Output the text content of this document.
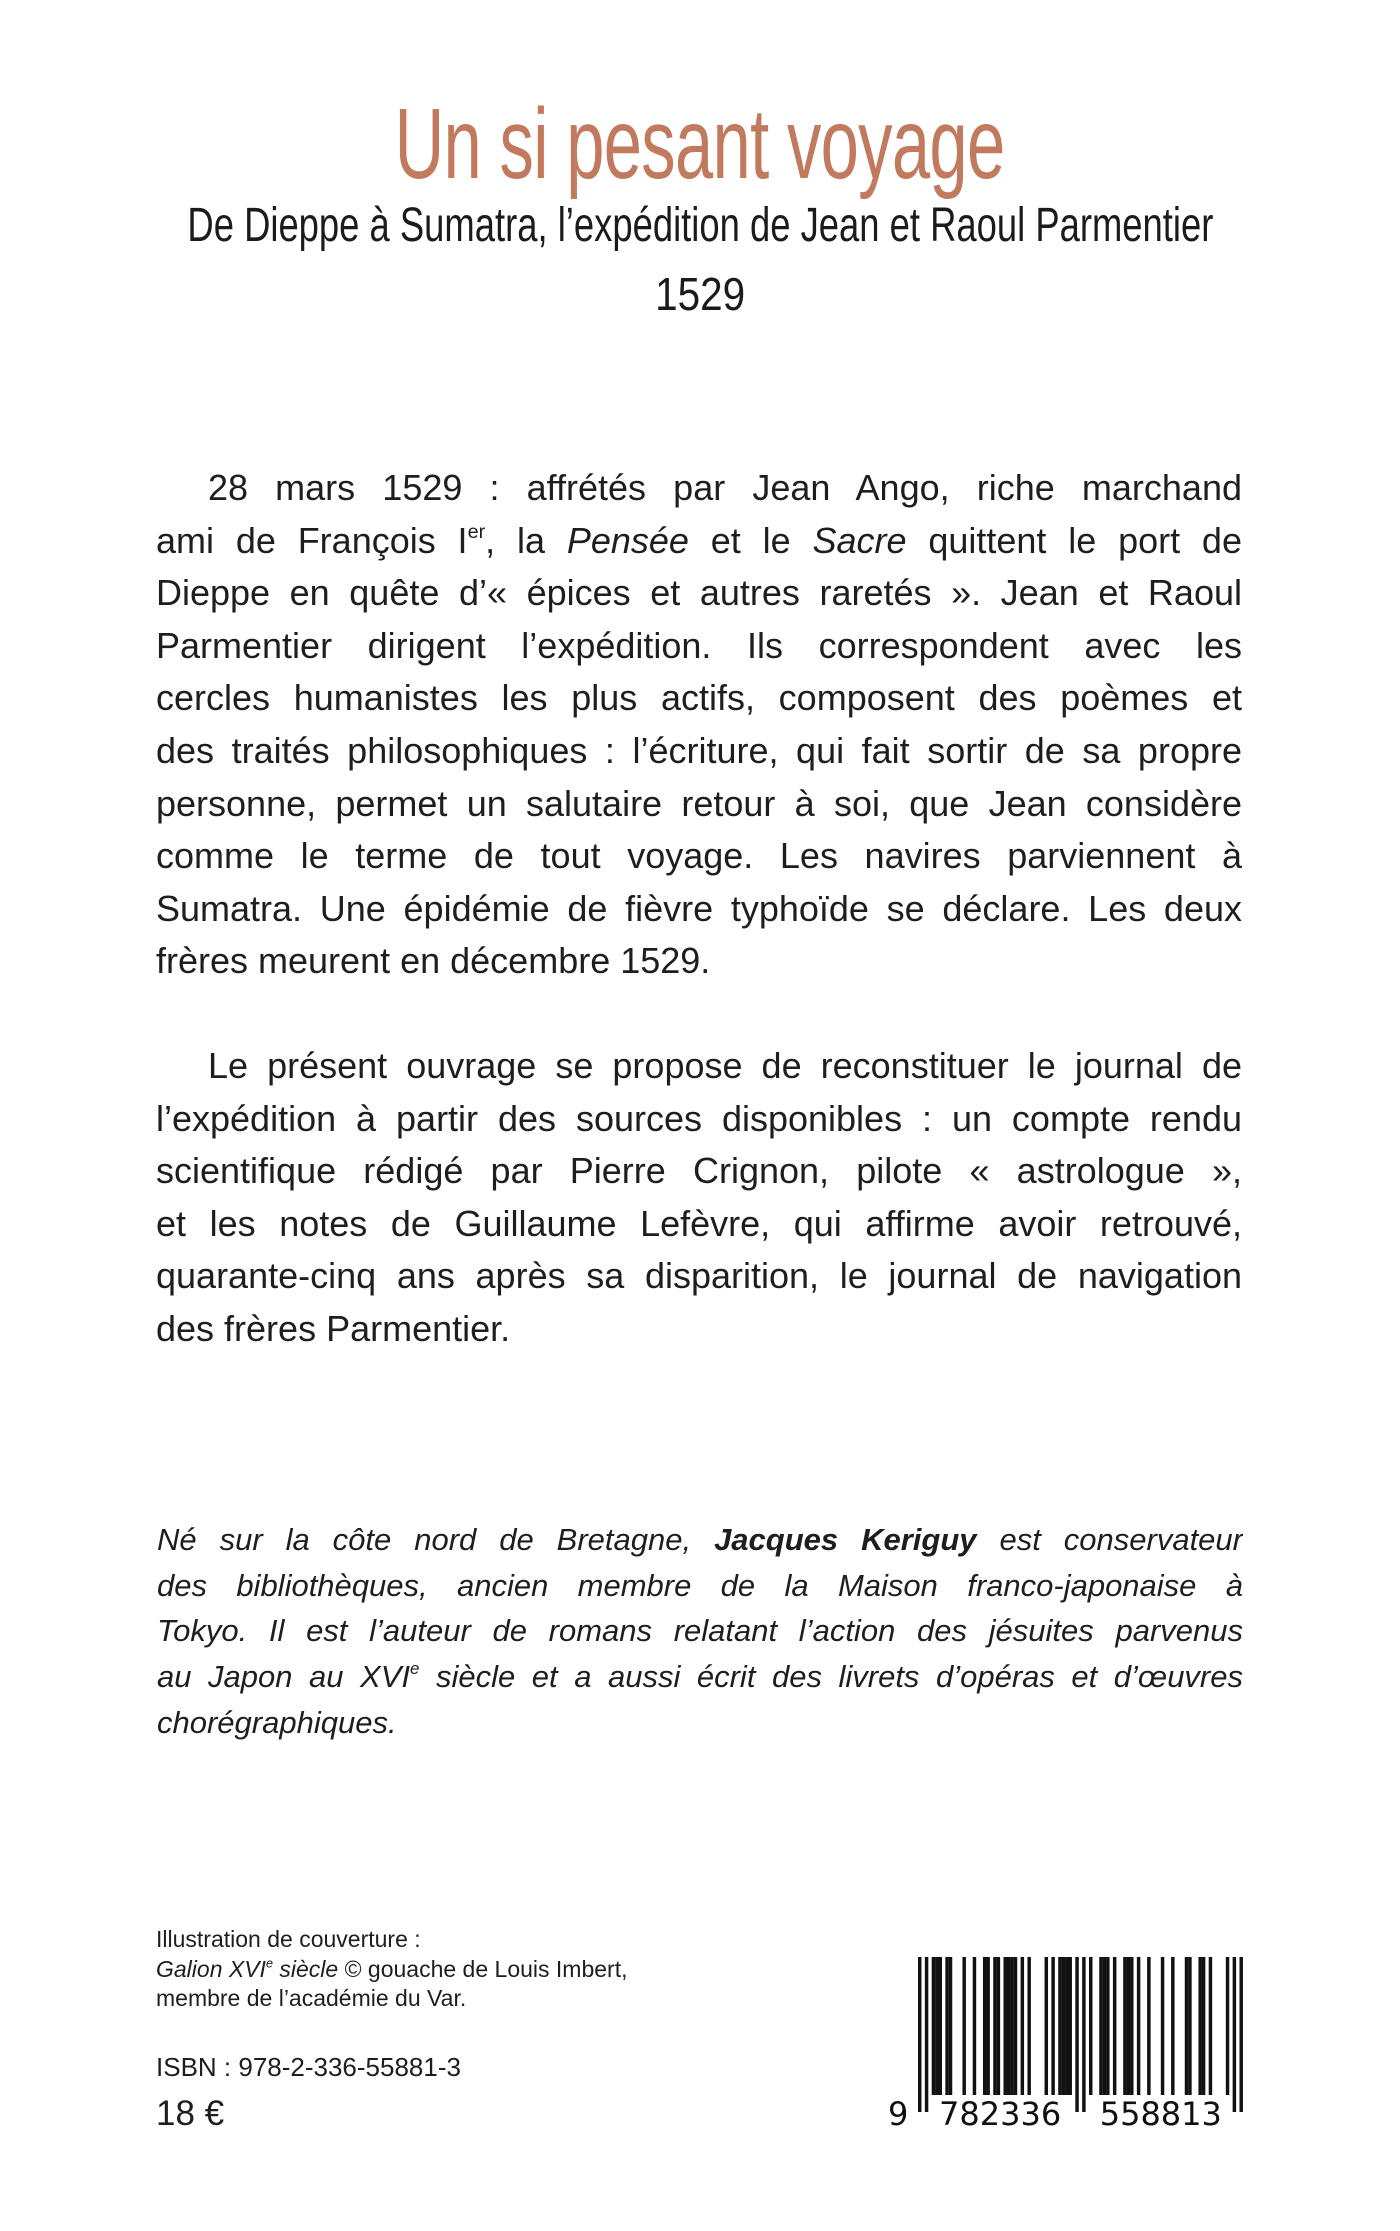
Un si pesant voyage
De Dieppe à Sumatra, l’expédition de Jean et Raoul Parmentier
1529
28 mars 1529 : affrétés par Jean Ango, riche marchand
ami de François Ier, la Pensée et le Sacre quittent le port de
Dieppe en quête d’« épices et autres raretés ». Jean et Raoul
Parmentier dirigent l’expédition. Ils correspondent avec les
cercles humanistes les plus actifs, composent des poèmes et
des traités philosophiques : l’écriture, qui fait sortir de sa propre
personne, permet un salutaire retour à soi, que Jean considère
comme le terme de tout voyage. Les navires parviennent à
Sumatra. Une épidémie de fièvre typhoïde se déclare. Les deux
frères meurent en décembre 1529.
Le présent ouvrage se propose de reconstituer le journal de
l’expédition à partir des sources disponibles : un compte rendu
scientifique rédigé par Pierre Crignon, pilote « astrologue »,
et les notes de Guillaume Lefèvre, qui affirme avoir retrouvé,
quarante-cinq ans après sa disparition, le journal de navigation
des frères Parmentier.
Né sur la côte nord de Bretagne, Jacques Keriguy est conservateur
des bibliothèques, ancien membre de la Maison franco-japonaise à
Tokyo. Il est l’auteur de romans relatant l’action des jésuites parvenus
au Japon au XVIe siècle et a aussi écrit des livrets d’opéras et d’œuvres
chorégraphiques.
Illustration de couverture :
Galion XVIe siècle © gouache de Louis Imbert,
membre de l’académie du Var.
ISBN : 978-2-336-55881-3
18 €	9 782336 558813
